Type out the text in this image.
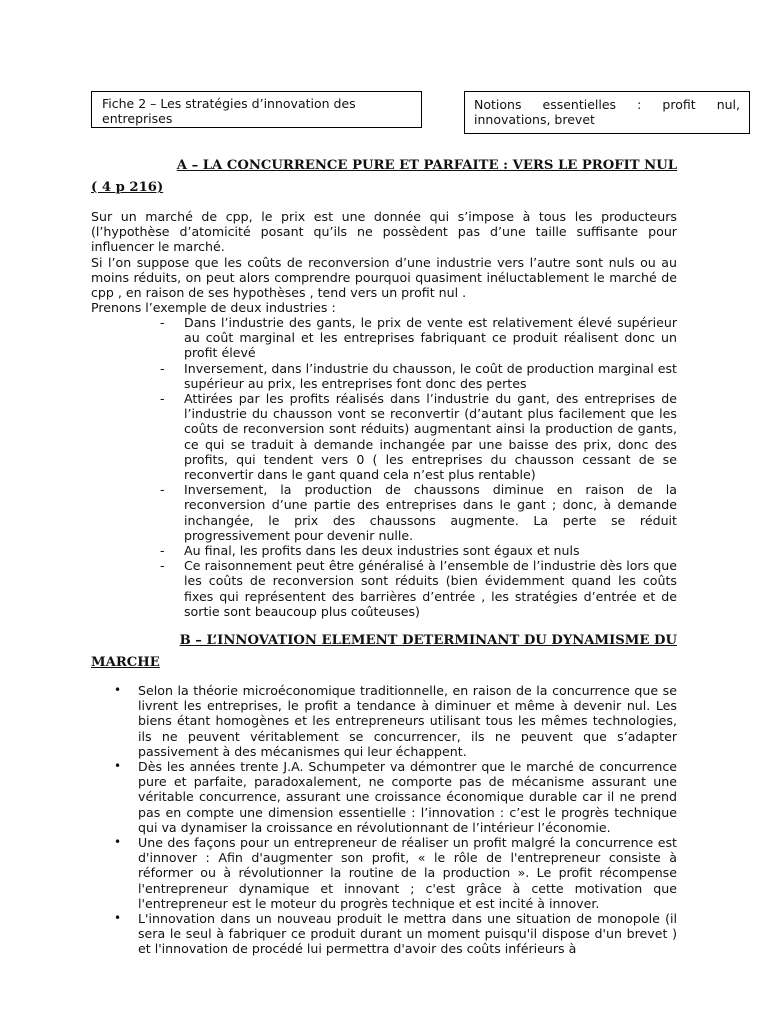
Fiche 2 – Les stratégies d’innovation des entreprises
Notions essentielles : profit nul, innovations, brevet
A – LA CONCURRENCE PURE ET PARFAITE : VERS LE PROFIT NUL
( 4 p 216)

Sur un marché de cpp, le prix est une donnée qui s’impose à tous les producteurs (l’hypothèse d’atomicité posant qu’ils ne possèdent pas d’une taille suffisante pour influencer le marché.

Si l’on suppose que les coûts de reconversion d’une industrie vers l’autre sont nuls ou au moins réduits, on peut alors comprendre pourquoi quasiment inéluctablement le marché de cpp , en raison de ses hypothèses , tend vers un profit nul .

Prenons l’exemple de deux industries :

- Dans l’industrie des gants, le prix de vente est relativement élevé supérieur au coût marginal et les entreprises fabriquant ce produit réalisent donc un profit élevé
- Inversement, dans l’industrie du chausson, le coût de production marginal est supérieur au prix, les entreprises font donc des pertes
- Attirées par les profits réalisés dans l’industrie du gant, des entreprises de l’industrie du chausson vont se reconvertir (d’autant plus facilement que les coûts de reconversion sont réduits) augmentant ainsi la production de gants, ce qui se traduit à demande inchangée par une baisse des prix, donc des profits, qui tendent vers 0 ( les entreprises du chausson cessant de se reconvertir dans le gant quand cela n’est plus rentable)
- Inversement, la production de chaussons diminue en raison de la reconversion d’une partie des entreprises dans le gant ; donc, à demande inchangée, le prix des chaussons augmente. La perte se réduit progressivement pour devenir nulle.
- Au final, les profits dans les deux industries sont égaux et nuls
- Ce raisonnement peut être généralisé à l’ensemble de l’industrie dès lors que les coûts de reconversion sont réduits (bien évidemment quand les coûts fixes qui représentent des barrières d’entrée , les stratégies d’entrée et de sortie sont beaucoup plus coûteuses)
B – L’INNOVATION ELEMENT DETERMINANT DU DYNAMISME DU
MARCHE
• Selon la théorie microéconomique traditionnelle, en raison de la concurrence que se livrent les entreprises, le profit a tendance à diminuer et même à devenir nul. Les biens étant homogènes et les entrepreneurs utilisant tous les mêmes technologies, ils ne peuvent véritablement se concurrencer, ils ne peuvent que s’adapter passivement à des mécanismes qui leur échappent.
• Dès les années trente J.A. Schumpeter va démontrer que le marché de concurrence pure et parfaite, paradoxalement, ne comporte pas de mécanisme assurant une véritable concurrence, assurant une croissance économique durable car il ne prend pas en compte une dimension essentielle : l’innovation : c’est le progrès technique qui va dynamiser la croissance en révolutionnant de l’intérieur l’économie.
• Une des façons pour un entrepreneur de réaliser un profit malgré la concurrence est d'innover : Afin d'augmenter son profit, « le rôle de l'entrepreneur consiste à réformer ou à révolutionner la routine de la production ». Le profit récompense l'entrepreneur dynamique et innovant ; c'est grâce à cette motivation que l'entrepreneur est le moteur du progrès technique et est incité à innover.
• L'innovation dans un nouveau produit le mettra dans une situation de monopole (il sera le seul à fabriquer ce produit durant un moment puisqu'il dispose d'un brevet ) et l'innovation de procédé lui permettra d'avoir des coûts inférieurs à
